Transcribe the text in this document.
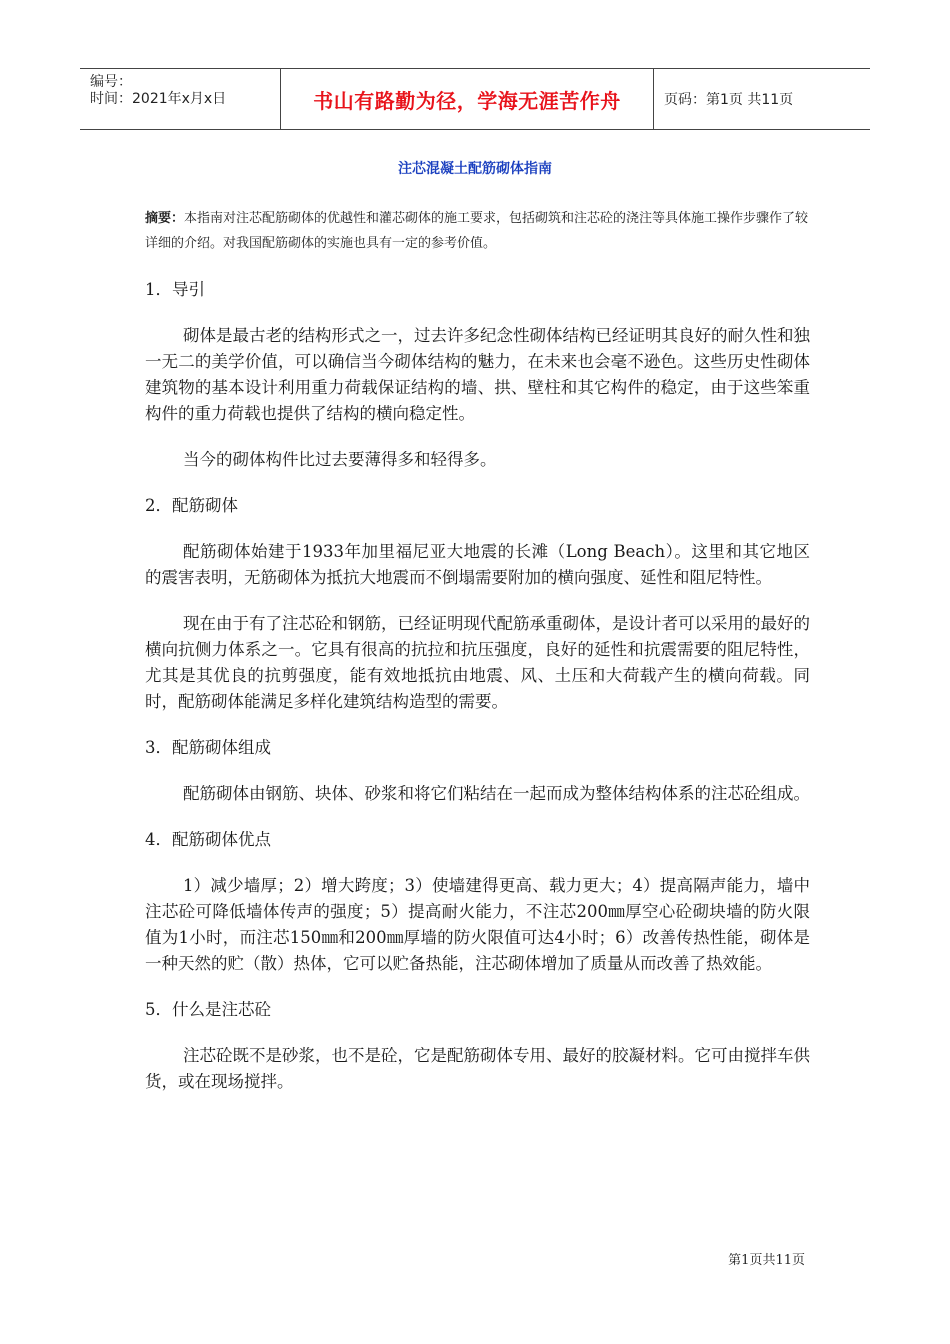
编号：
时间：2021年x月x日	书山有路勤为径，学海无涯苦作舟	页码：第1页 共11页
注芯混凝土配筋砌体指南
摘要：本指南对注芯配筋砌体的优越性和灌芯砌体的施工要求，包括砌筑和注芯砼的浇注等具体施工操作步骤作了较详细的介绍。对我国配筋砌体的实施也具有一定的参考价值。

1．导引

砌体是最古老的结构形式之一，过去许多纪念性砌体结构已经证明其良好的耐久性和独一无二的美学价值，可以确信当今砌体结构的魅力，在未来也会毫不逊色。这些历史性砌体建筑物的基本设计利用重力荷载保证结构的墙、拱、壁柱和其它构件的稳定，由于这些笨重构件的重力荷载也提供了结构的横向稳定性。

当今的砌体构件比过去要薄得多和轻得多。

2．配筋砌体

配筋砌体始建于1933年加里福尼亚大地震的长滩（Long Beach）。这里和其它地区的震害表明，无筋砌体为抵抗大地震而不倒塌需要附加的横向强度、延性和阻尼特性。

现在由于有了注芯砼和钢筋，已经证明现代配筋承重砌体，是设计者可以采用的最好的横向抗侧力体系之一。它具有很高的抗拉和抗压强度，良好的延性和抗震需要的阻尼特性，尤其是其优良的抗剪强度，能有效地抵抗由地震、风、土压和大荷载产生的横向荷载。同时，配筋砌体能满足多样化建筑结构造型的需要。

3．配筋砌体组成

配筋砌体由钢筋、块体、砂浆和将它们粘结在一起而成为整体结构体系的注芯砼组成。

4．配筋砌体优点

1）减少墙厚；2）增大跨度；3）使墙建得更高、载力更大；4）提高隔声能力，墙中注芯砼可降低墙体传声的强度；5）提高耐火能力，不注芯200㎜厚空心砼砌块墙的防火限值为1小时，而注芯150㎜和200㎜厚墙的防火限值可达4小时；6）改善传热性能，砌体是一种天然的贮（散）热体，它可以贮备热能，注芯砌体增加了质量从而改善了热效能。

5．什么是注芯砼

注芯砼既不是砂浆，也不是砼，它是配筋砌体专用、最好的胶凝材料。它可由搅拌车供货，或在现场搅拌。

第1页共11页
